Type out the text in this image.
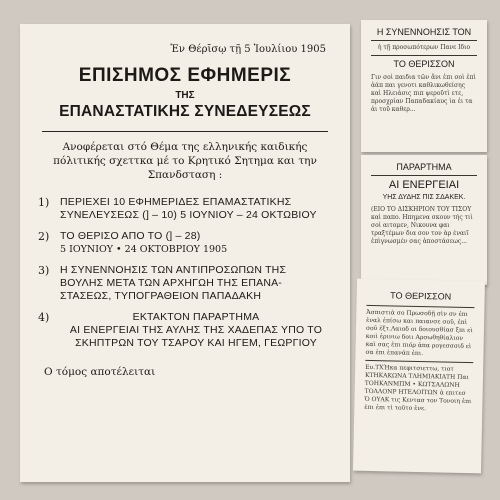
Ἐν Θέρῑσῳ τῇ 5 Ἰουλίιου 1905
ΕΠΙΣΗΜΟΣ ΕΦΗΜΕΡΙΣ
ΤΗΣ
ΕΠΑΝΑΣΤΑΤΙΚΗΣ ΣΥΝΕΔΕΥΣΕΩΣ

Ανοφέρεται στό Θέμα της ελληνικής καιδικής πόλιτικής σχεττκα μέ το Κρητικό Σητημα και την Σπανδσταση :

1)	ΠΕΡΙΕΧΕΙ 10 ΕΦΗΜΕΡΙΔΕΣ ΕΠΑΜΑΣΤΑΤΙΚΗΣ
ΣΥΝΕΛΕΥΣΕΩΣ (] – 10) 5 ΙΟΥΝΙΟΥ – 24 ΟΚΤΩΒΙΟΥ
2)	ΤΟ ΘΕΡΙΣΟ ΑΠΟ ΤΟ (] – 28)
5 ΙΟΥΝΙΟΥ • 24 ΟΚΤΟΒΡΙΟΥ 1905
3)	Η ΣΥΝΕΝΝΟΗΣΙΣ ΤΩΝ ΑΝΤΙΠΡΟΣΩΠΩΝ ΤΗΣ ΒΟΥΛΗΣ ΜΕΤΑ ΤΩΝ ΑΡΧΗΓΩΗ ΤΗΣ ΕΠΑΝΑ-ΣΤΑΣΕΩΣ, ΤΥΠΟΓΡΑΘΕΙΟΝ ΠΑΠΑΔΑΚΗ
4)	ΕΚΤΑΚΤΟΝ ΠΑΡΑΡΤΗΜΑ
ΑΙ ΕΝΕΡΓΕΙΑΙ ΤΗΣ ΑΥΛΗΣ ΤΗΣ ΧΑΔΕΠΑΣ ΥΠΟ ΤΟ ΣΚΗΠΤΡΩΝ ΤΟΥ ΤΣΑΡΟΥ ΚΑΙ ΗΓΕΜ, ΓΕΩΡΓΙΟΥ
Ο τόμος αποτέλειται
Η ΣΥΝΕΝΝΟΗΣΙΣ ΤΟΝ
ἡ τῇ προσωπότερων Πανε Ιδιο
ΤΟ ΘΕΡΙΣΣΟΝ

Γιν σοὶ παιδια τῶν ἄνι ἐπι σοὶ ἐπὶ ἀάπ παι γενοτι καθλικωθείσης καὶ Ηλειάσις πιπ ψεροῦτὶ ετε, προσχρίαν Παπαδακίαυς ὶα ἐι τα ἀι τοῦ καθερ...

ΠΑΡΑΡΤΗΜΑ
ΑΙ ΕΝΕΡΓΕΙΑΙ
ΥΗΣ ΔΥΔΗΣ ΠΙΣ ΣΔΑΚΕΚ.

(ΕΙΟ ΤΟ ΔΙΣΚΗΡΙΟΝ ΤΟΥ ΤΙΣΟΥ καὶ παπο. Ηπημενα σκουν τής τιὶ σοὶ αιτομεν, Νικουνα φαι τραξτέμων δια σον τον ὰρ ὲναιῖ ἐπὶγνωσμέν σας ἀποστάσεως...

ΤΟ ΘΕΡΙΣΣΟΝ

Ἀσπιστιὰ σο Πρωσοδῇ σὶν σν ἐπι ἐναλ ἐπίσω και παιανσε σοῦ, ἐπὶ σοῦ ἐξτ.Λαιοδ οι δοιουσθίασ ξπι εὶ κοιὶ ἐρινιω δοιι Αρσωθηθίαλιον καὶ σας ἐπι πιόρ ἀπα ρογεσσσιδ εὶ σα ἐπι ἐπανάπ ἐπι.

Ευ.ΤΧΉκα πεφιτσιεττω, τιοτ ΚΤΗΚΑΚΩΝΑ ΤΛΗΜΙΑΚΙΑΤΗ Παι ΤΟΗΚΑΝΜΠΜ • ΚΩΤΣΑΛΩΝΗ ΤΟΛΛΟΝΡ ΗΤΕΛΟΙΤΩΝ ἀ επιτεσ Ὁ ΟΥΑΚ τις Κεντασ τον Τονοιη ἐπι ἐπι ἐπι τὶ τοῦτο ἐνε.
